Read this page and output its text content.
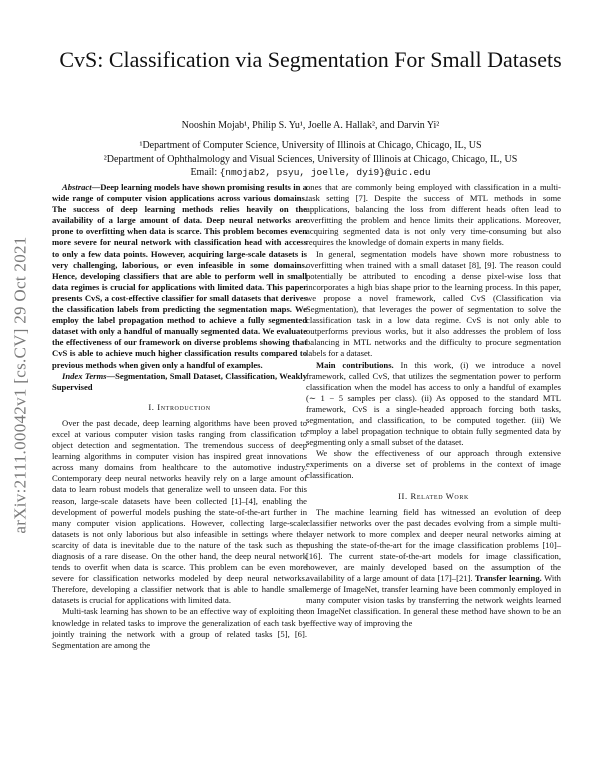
arXiv:2111.00042v1 [cs.CV] 29 Oct 2021
CvS: Classification via Segmentation For Small Datasets
Nooshin Mojab¹, Philip S. Yu¹, Joelle A. Hallak², and Darvin Yi²
¹Department of Computer Science, University of Illinois at Chicago, Chicago, IL, US
²Department of Ophthalmology and Visual Sciences, University of Illinois at Chicago, Chicago, IL, US
Email: {nmojab2, psyu, joelle, dyi9}@uic.edu

Abstract—Deep learning models have shown promising results in a wide range of computer vision applications across various domains. The success of deep learning methods relies heavily on the availability of a large amount of data. Deep neural networks are prone to overfitting when data is scarce. This problem becomes even more severe for neural network with classification head with access to only a few data points. However, acquiring large-scale datasets is very challenging, laborious, or even infeasible in some domains. Hence, developing classifiers that are able to perform well in small data regimes is crucial for applications with limited data. This paper presents CvS, a cost-effective classifier for small datasets that derives the classification labels from predicting the segmentation maps. We employ the label propagation method to achieve a fully segmented dataset with only a handful of manually segmented data. We evaluate the effectiveness of our framework on diverse problems showing that CvS is able to achieve much higher classification results compared to previous methods when given only a handful of examples.

Index Terms—Segmentation, Small Dataset, Classification, Weakly Supervised

I. Introduction

Over the past decade, deep learning algorithms have been proved to excel at various computer vision tasks ranging from classification to object detection and segmentation. The tremendous success of deep learning algorithms in computer vision has inspired great innovations across many domains from healthcare to the automotive industry. Contemporary deep neural networks heavily rely on a large amount of data to learn robust models that generalize well to unseen data. For this reason, large-scale datasets have been collected [1]–[4], enabling the development of powerful models pushing the state-of-the-art further in many computer vision applications. However, collecting large-scale datasets is not only laborious but also infeasible in settings where the scarcity of data is inevitable due to the nature of the task such as the diagnosis of a rare disease. On the other hand, the deep neural network tends to overfit when data is scarce. This problem can be even more severe for classification networks modeled by deep neural networks. Therefore, developing a classifier network that is able to handle small datasets is crucial for applications with limited data.

Multi-task learning has shown to be an effective way of exploiting the knowledge in related tasks to improve the generalization of each task by jointly training the network with a group of related tasks [5], [6]. Segmentation are among the

ones that are commonly being employed with classification in a multi-task setting [7]. Despite the success of MTL methods in some applications, balancing the loss from different heads often lead to overfitting the problem and hence limits their applications. Moreover, acquiring segmented data is not only very time-consuming but also requires the knowledge of domain experts in many fields.

In general, segmentation models have shown more robustness to overfitting when trained with a small dataset [8], [9]. The reason could potentially be attributed to encoding a dense pixel-wise loss that incorporates a high bias shape prior to the learning process. In this paper, we propose a novel framework, called CvS (Classification via Segmentation), that leverages the power of segmentation to solve the classification task in a low data regime. CvS is not only able to outperforms previous works, but it also addresses the problem of loss balancing in MTL networks and the difficulty to procure segmentation labels for a dataset.

Main contributions. In this work, (i) we introduce a novel framework, called CvS, that utilizes the segmentation power to perform classification when the model has access to only a handful of examples (∼ 1 − 5 samples per class). (ii) As opposed to the standard MTL framework, CvS is a single-headed approach forcing both tasks, segmentation, and classification, to be computed together. (iii) We employ a label propagation technique to obtain fully segmented data by segmenting only a small subset of the dataset.

We show the effectiveness of our approach through extensive experiments on a diverse set of problems in the context of image classification.

II. Related Work

The machine learning field has witnessed an evolution of deep classifier networks over the past decades evolving from a simple multi-layer network to more complex and deeper neural networks aiming at pushing the state-of-the-art for the image classification problems [10]–[16]. The current state-of-the-art models for image classification, however, are mainly developed based on the assumption of the availability of a large amount of data [17]–[21]. Transfer learning. With emerge of ImageNet, transfer learning have been commonly employed in many computer vision tasks by transferring the network weights learned on ImageNet classification. In general these method have shown to be an effective way of improving the
